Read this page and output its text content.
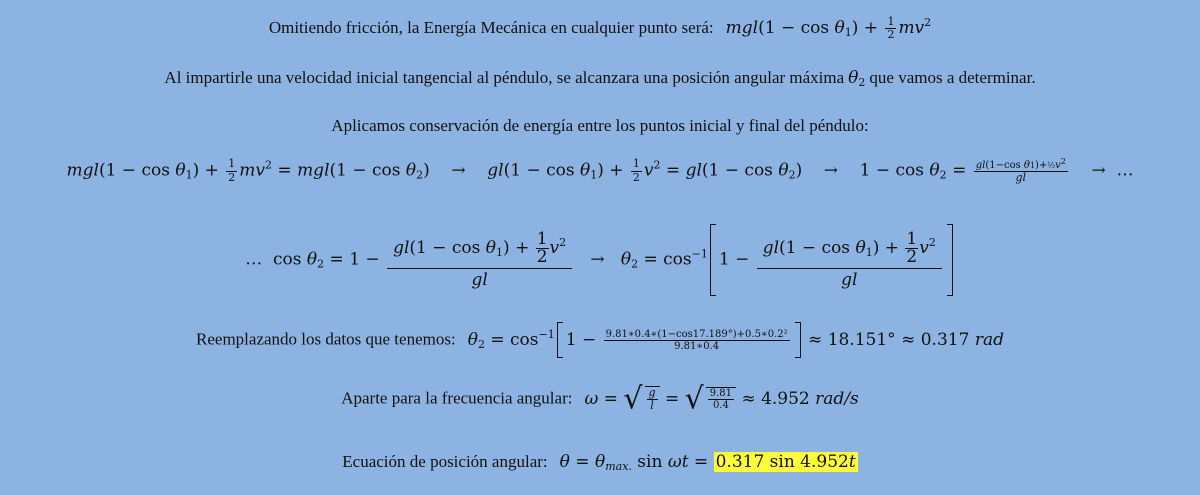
Omitiendo fricción, la Energía Mecánica en cualquier punto será: $mgl(1 - \cos \theta_1) + \frac{1}{2} mv^2$
Al impartirle una velocidad inicial tangencial al péndulo, se alcanzara una posición angular máxima $\theta_2$ que vamos a determinar.
Aplicamos conservación de energía entre los puntos inicial y final del péndulo:
$mgl(1 - \cos \theta_1) + \frac{1}{2} mv^2 = mgl(1 - \cos \theta_2)$    →    $gl(1 - \cos \theta_1) + \frac{1}{2} v^2 = gl(1 - \cos \theta_2)$    →    $1 - \cos \theta_2 = \frac{gl(1-\cos \theta 1)+\frac{1}{2}v^2}{gl}$ →  …
…  $\cos \theta_2 = 1 - \frac{gl(1 - \cos \theta_1) + \frac{1}{2} v^2}{gl} \to \theta_2 = \cos^{-1} 1 - \frac{gl(1 - \cos \theta_1) + \frac{1}{2} v^2}{gl}$
Reemplazando los datos que tenemos: $\theta_2 = \cos^{-1} 1 - \frac{\text{9.81∗0.4∗(1−cos17.189°)+0.5∗0.2²}}{9.81∗0.4} \approx 18.151^\circ \approx 0.317$ rad
Aparte para la frecuencia angular: ω = √ $\frac{g}{l}$ = √ $\frac{9.81}{0.4} \approx 4.952$ rad/s
Ecuación de posición angular: $\theta = \theta_{max.}$ sin ωt = 0.317 sin 4.952t
